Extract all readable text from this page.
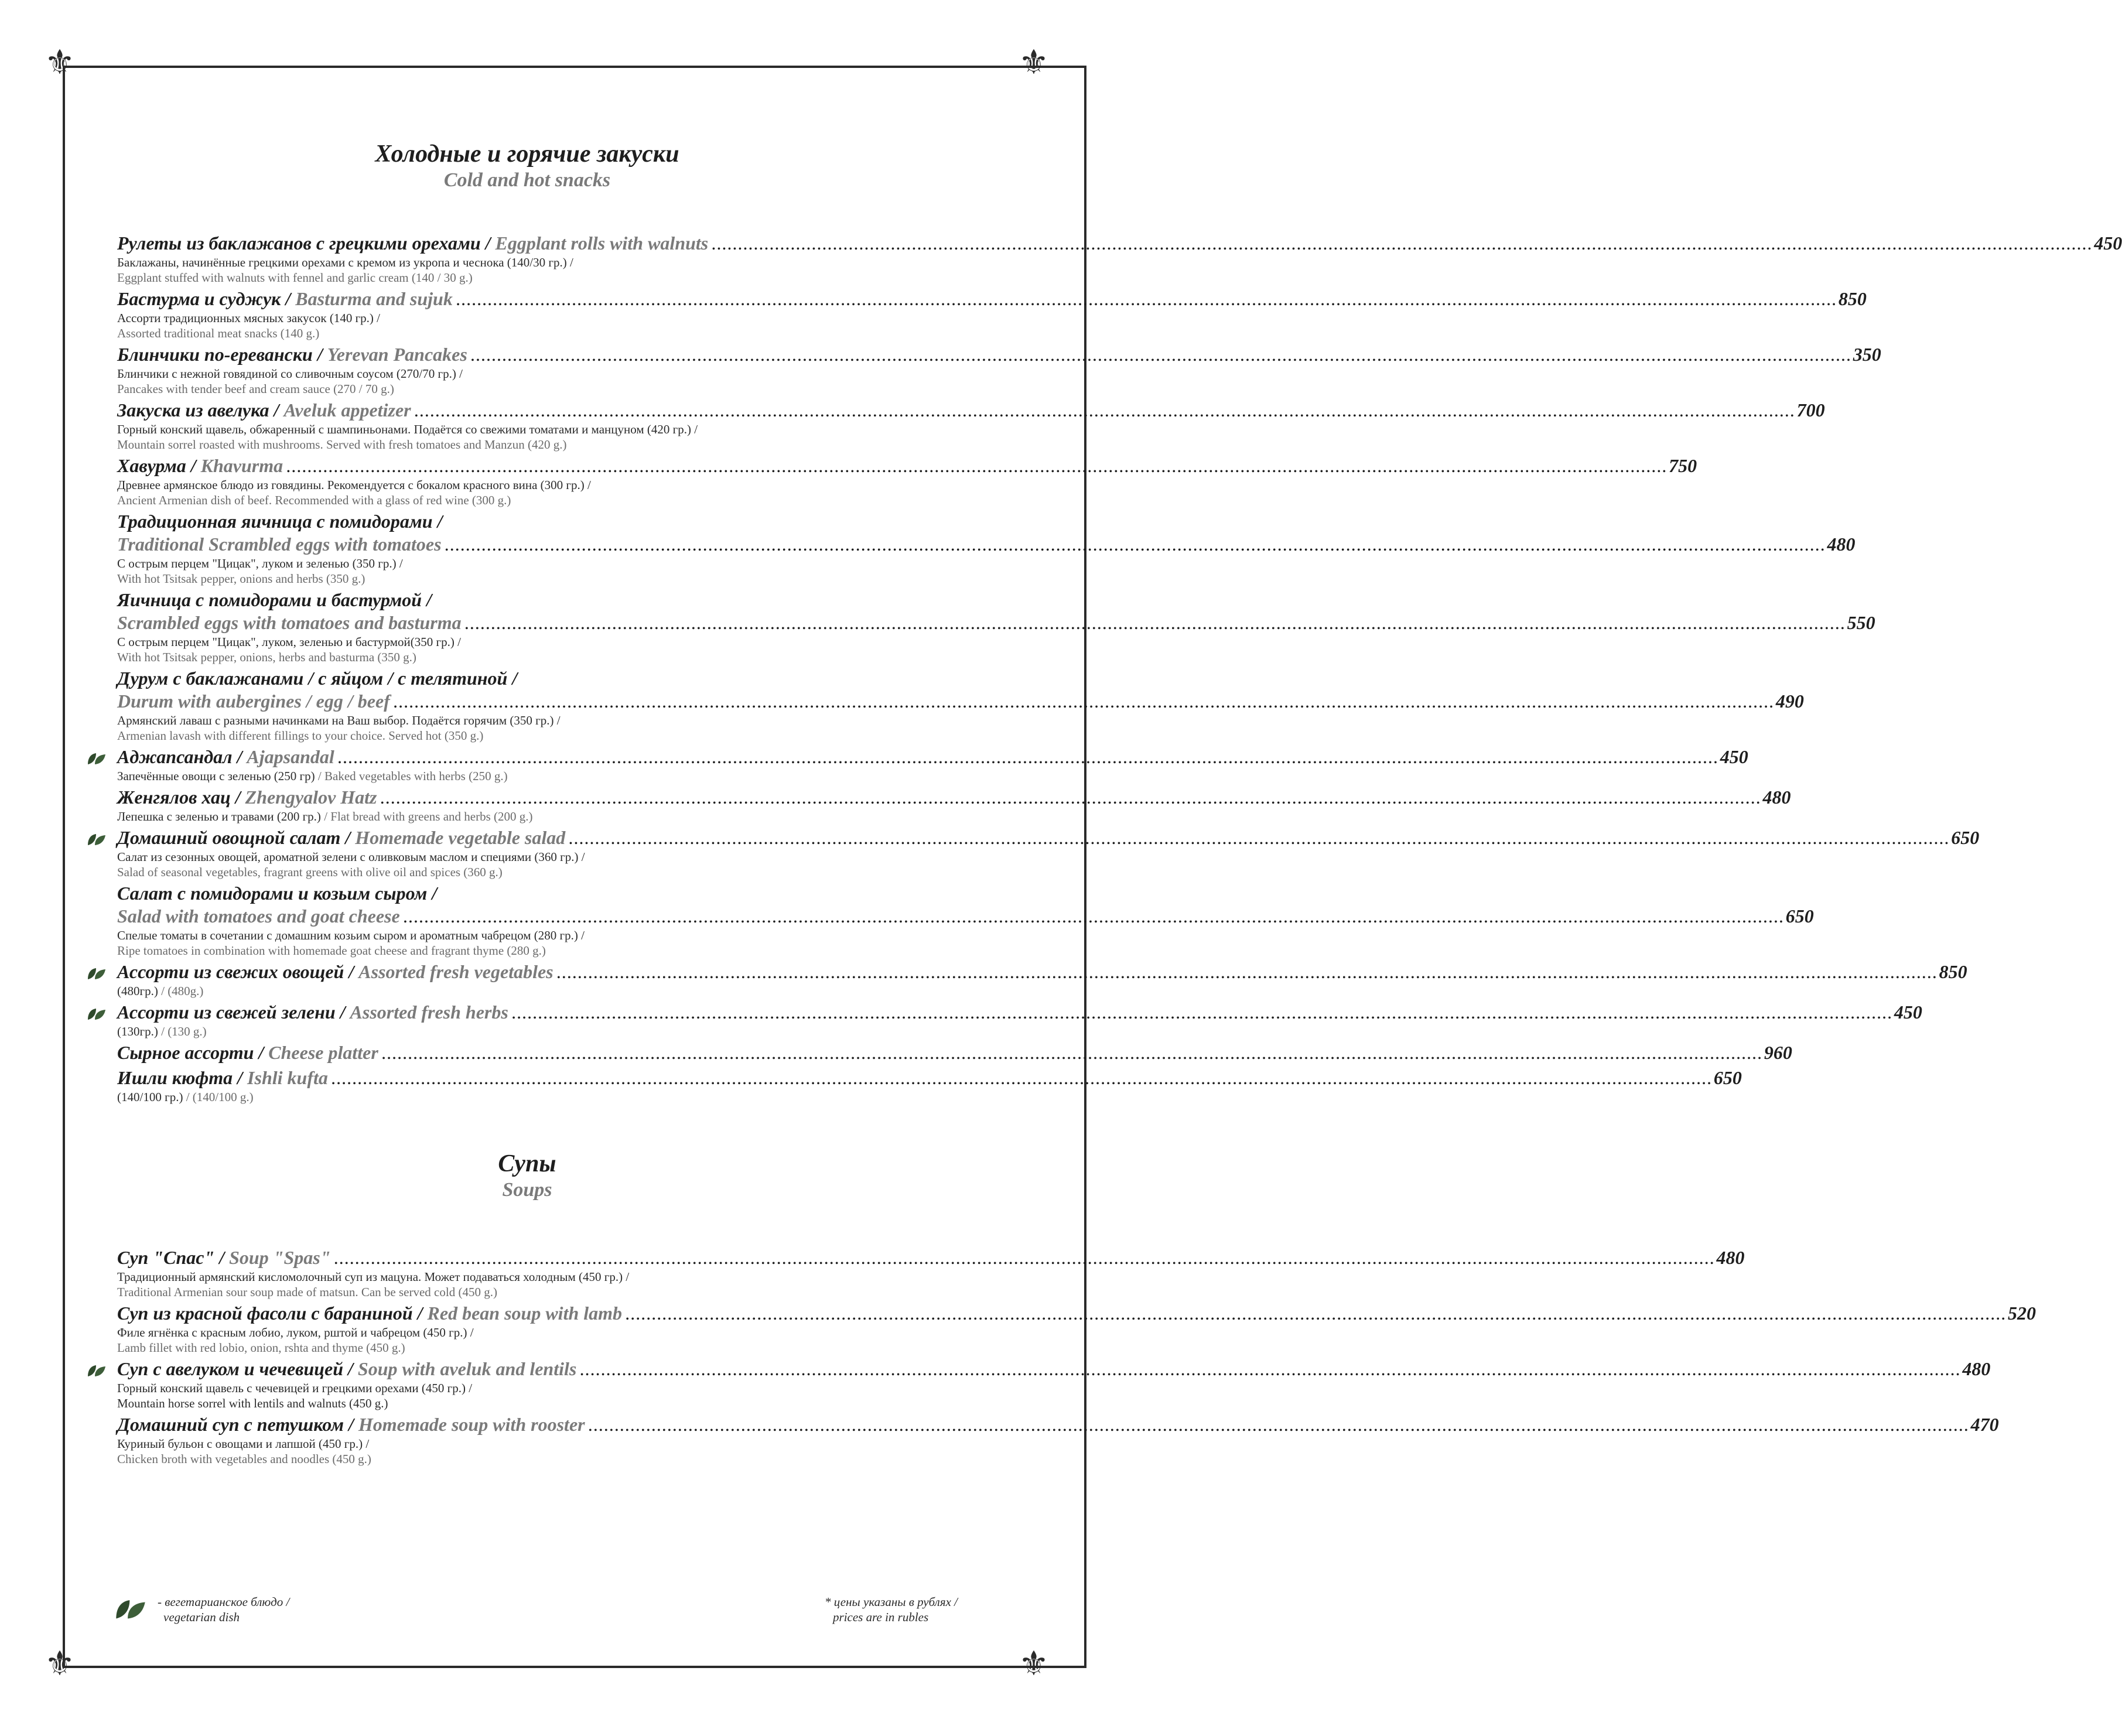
⚜	⚜
⚜	⚜
Холодные и горячие закуски
Cold and hot snacks
Рулеты из баклажанов с грецкими орехами / Eggplant rolls with walnuts .....	450
Баклажаны, начинённые грецкими орехами с кремом из укропа и чеснока (140/30 гр.) /
Eggplant stuffed with walnuts with fennel and garlic cream (140 / 30 g.)
Бастурма и суджук / Basturma and sujuk .....	850
Ассорти традиционных мясных закусок (140 гр.) /
Assorted traditional meat snacks (140 g.)
Блинчики по-еревански / Yerevan Pancakes .....	350
Блинчики с нежной говядиной со сливочным соусом (270/70 гр.) /
Pancakes with tender beef and cream sauce (270 / 70 g.)
Закуска из авелука / Aveluk appetizer .....	700
Горный конский щавель, обжаренный с шампиньонами. Подаётся со свежими томатами и манцуном (420 гр.) /
Mountain sorrel roasted with mushrooms. Served with fresh tomatoes and Manzun (420 g.)
Хавурма / Khavurma .....	750
Древнее армянское блюдо из говядины. Рекомендуется с бокалом красного вина (300 гр.) /
Ancient Armenian dish of beef. Recommended with a glass of red wine (300 g.)
Традиционная яичница с помидорами /
Traditional Scrambled eggs with tomatoes .....	480
С острым перцем "Цицак", луком и зеленью (350 гр.) /
With hot Tsitsak pepper, onions and herbs (350 g.)
Яичница с помидорами и бастурмой /
Scrambled eggs with tomatoes and basturma .....	550
С острым перцем "Цицак", луком, зеленью и бастурмой(350 гр.) /
With hot Tsitsak pepper, onions, herbs and basturma (350 g.)
Дурум с баклажанами / с яйцом / с телятиной /
Durum with aubergines / egg / beef .....	490
Армянский лаваш с разными начинками на Ваш выбор. Подаётся горячим (350 гр.) /
Armenian lavash with different fillings to your choice. Served hot (350 g.)
Аджапсандал / Ajapsandal .....	450
Запечённые овощи с зеленью (250 гр) / Baked vegetables with herbs (250 g.)
Женгялов хац / Zhengyalov Hatz .....	480
Лепешка с зеленью и травами (200 гр.) / Flat bread with greens and herbs (200 g.)
Домашний овощной салат / Homemade vegetable salad .....	650
Салат из сезонных овощей, ароматной зелени с оливковым маслом и специями (360 гр.) /
Salad of seasonal vegetables, fragrant greens with olive oil and spices (360 g.)
Салат с помидорами и козьим сыром /
Salad with tomatoes and goat cheese .....	650
Спелые томаты в сочетании с домашним козьим сыром и ароматным чабрецом (280 гр.) /
Ripe tomatoes in combination with homemade goat cheese and fragrant thyme (280 g.)
Ассорти из свежих овощей / Assorted fresh vegetables .....	850
(480гр.) / (480g.)
Ассорти из свежей зелени / Assorted fresh herbs .....	450
(130гр.) / (130 g.)
Сырное ассорти / Cheese platter .....	960
Ишли кюфта / Ishli kufta .....	650
(140/100 гр.) / (140/100 g.)
Супы
Soups
Суп "Спас" / Soup "Spas" .....	480
Традиционный армянский кисломолочный суп из мацуна. Может подаваться холодным (450 гр.) /
Traditional Armenian sour soup made of matsun. Can be served cold (450 g.)
Суп из красной фасоли с бараниной / Red bean soup with lamb .....	520
Филе ягнёнка с красным лобио, луком, рштой и чабрецом (450 гр.) /
Lamb fillet with red lobio, onion, rshta and thyme (450 g.)
Суп с авелуком и чечевицей / Soup with aveluk and lentils .....	480
Горный конский щавель с чечевицей и грецкими орехами (450 гр.) /
Mountain horse sorrel with lentils and walnuts (450 g.)
Домашний суп с петушком / Homemade soup with rooster .....	470
Куриный бульон с овощами и лапшой (450 гр.) /
Chicken broth with vegetables and noodles (450 g.)
- вегетарианское блюдо /
vegetarian dish
* цены указаны в рублях /
prices are in rubles
